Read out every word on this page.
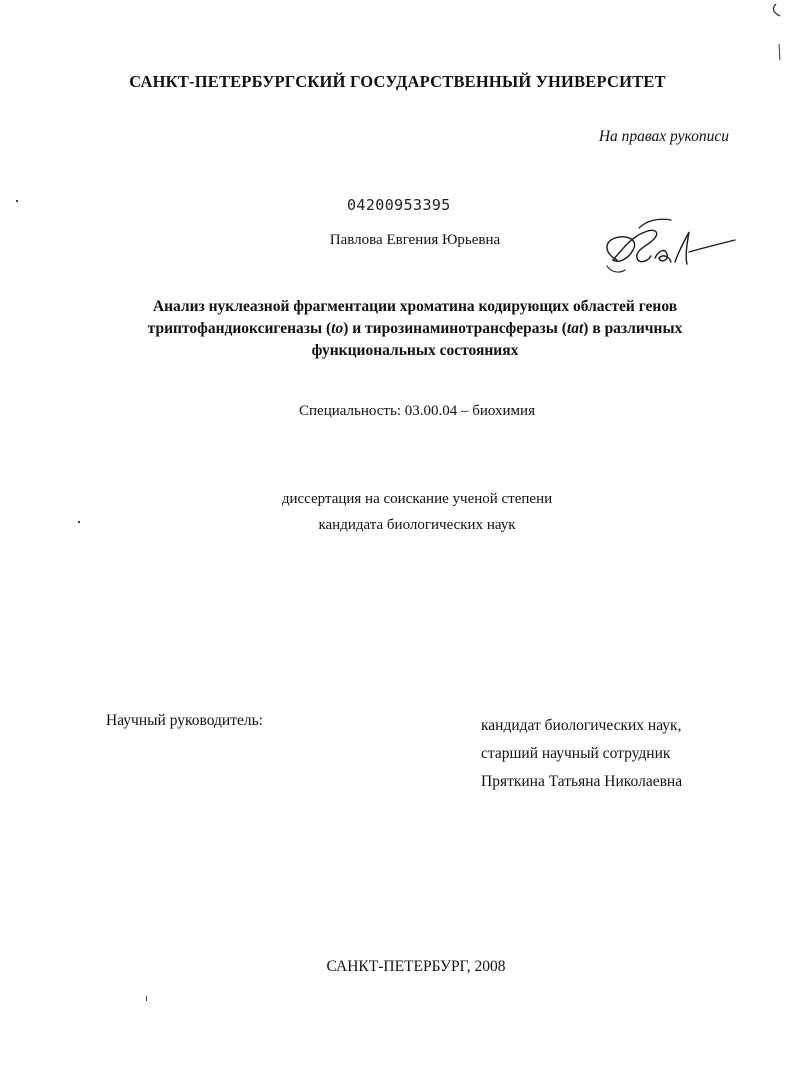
САНКТ-ПЕТЕРБУРГСКИЙ ГОСУДАРСТВЕННЫЙ УНИВЕРСИТЕТ
На правах рукописи
04200953395
Павлова Евгения Юрьевна
Анализ нуклеазной фрагментации хроматина кодирующих областей генов
триптофандиоксигеназы (to) и тирозинаминотрансферазы (tat) в различных
функциональных состояниях
Специальность: 03.00.04 – биохимия
диссертация на соискание ученой степени
кандидата биологических наук
Научный руководитель:	кандидат биологических наук,
старший научный сотрудник
Пряткина Татьяна Николаевна
САНКТ-ПЕТЕРБУРГ, 2008
